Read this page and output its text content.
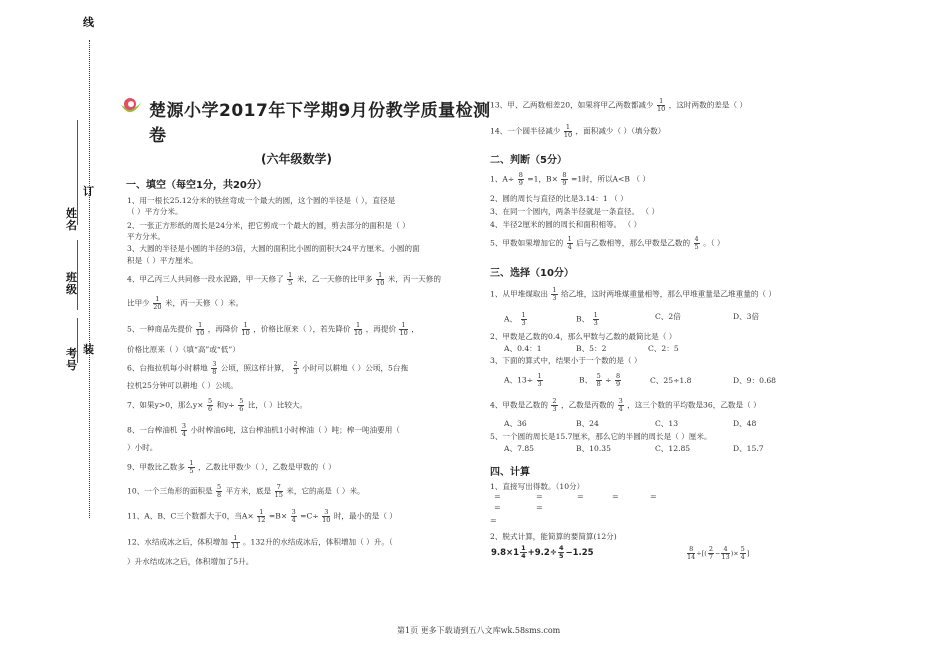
线
订
装
姓名
班级
考号
楚源小学2017年下学期9月份教学质量检测
卷
(六年级数学)
一、填空（每空1分，共20分）
1、用一根长25.12分米的铁丝弯成一个最大的圆，这个圆的半径是（ ），直径是
（ ）平方分米。
2、一张正方形纸的周长是24分米，把它剪成一个最大的圆，剪去部分的面积是（ ）
平方分米。
3、大圆的半径是小圆的半径的3倍，大圆的面积比小圆的面积大24平方厘米。小圆的面
积是（ ）平方厘米。
4、甲乙丙三人共同修一段水泥路，甲一天修了 $\frac{1}{5}$ 米，乙一天修的比甲多 $\frac{1}{10}$ 米，丙一天修的
比甲少 $\frac{1}{20}$ 米，丙一天修（ ）米。
5、一种商品先提价 $\frac{1}{10}$ ，再降价 $\frac{1}{10}$ ，价格比原来（ ），若先降价 $\frac{1}{10}$ ，再提价 $\frac{1}{10}$ ，
价格比原来（ ）（填“高”或“低”）
6、台拖拉机每小时耕地 $\frac{3}{8}$ 公顷，照这样计算， $\frac{2}{3}$ 小时可以耕地（ ）公顷，5台拖
拉机25分钟可以耕地（ ）公顷。
7、如果y>0，那么$y\times \frac{5}{6}$ 和$y\div \frac{5}{6}$ 比，（ ）比较大。
8、一台榨油机 $\frac{3}{4}$ 小时榨油6吨，这台榨油机1小时榨油（ ）吨；榨一吨油要用（
）小时。
9、甲数比乙数多 $\frac{1}{5}$ ，乙数比甲数少（ ），乙数是甲数的（ ）
10、一个三角形的面积是 $\frac{5}{8}$ 平方米，底是 $\frac{7}{15}$ 米，它的高是（ ）米。
11、A、B、C三个数都大于0，当$A\times \frac{1}{12} =B\times \frac{3}{4} =C\div \frac{3}{10}$ 时，最小的是（ ）
12、水结成冰之后，体积增加 $\frac{1}{11}$ 。132升的水结成冰后，体积增加（ ）升。（
）升水结成冰之后，体积增加了5升。
13、甲、乙两数相差20，如果将甲乙两数都减少 $\frac{1}{10}$ ，这时两数的差是（ ）
14、一个圆半径减少 $\frac{1}{10}$ ，面积减少（ ）（填分数）
二、判断（5分）
1、$A\div \frac{8}{9} =1$，$B\times \frac{8}{9} =1$时，所以A<B （ ）
2、圆的周长与直径的比是3.14：1 （ ）
3、在同一个圆内，两条半径就是一条直径。 （ ）
4、半径2厘米的圆的周长和面积相等。 （ ）
5、甲数如果增加它的 $\frac{1}{4}$ 后与乙数相等，那么甲数是乙数的 $\frac{4}{5}$ 。（ ）
三、选择（10分）
1、从甲堆煤取出 $\frac{1}{3}$ 给乙堆，这时两堆煤重量相等，那么甲堆重量是乙堆重量的（ ）
A、 $\frac{1}{3}$	B、 $\frac{1}{3}$	C、2倍	D、3倍
2、甲数是乙数的0.4，那么甲数与乙数的最简比是（ ）
A、0.4：1	B、5：2	C、2：5
3、下面的算式中，结果小于一个数的是（ ）
A、$13\div \frac{1}{3}$	B、 $\frac{5}{8} \div \frac{8}{9}$	C、25÷1.8	D、9：0.68
4、甲数是乙数的 $\frac{2}{3}$ ，乙数是丙数的 $\frac{3}{4}$ ，这三个数的平均数是36，乙数是（ ）
A、36	B、24	C、13	D、48
5、一个圆的周长是15.7厘米，那么它的半圆的周长是（ ）厘米。
A、7.85	B、10.35	C、12.85	D、15.7
四、计算
1、直接写出得数。（10分）
=	=	=	=	=
=	=
=
2、脱式计算，能简算的要简算(12分)
$9.8\times 1 \frac{1}{4} +9.2\div \frac{4}{5} -1.25$	$\frac{8}{14}$ ÷[( $\frac{2}{7} - \frac{4}{13}$ )× $\frac{5}{4}$ ]
第1页 更多下载请到五八文库wk.58sms.com
